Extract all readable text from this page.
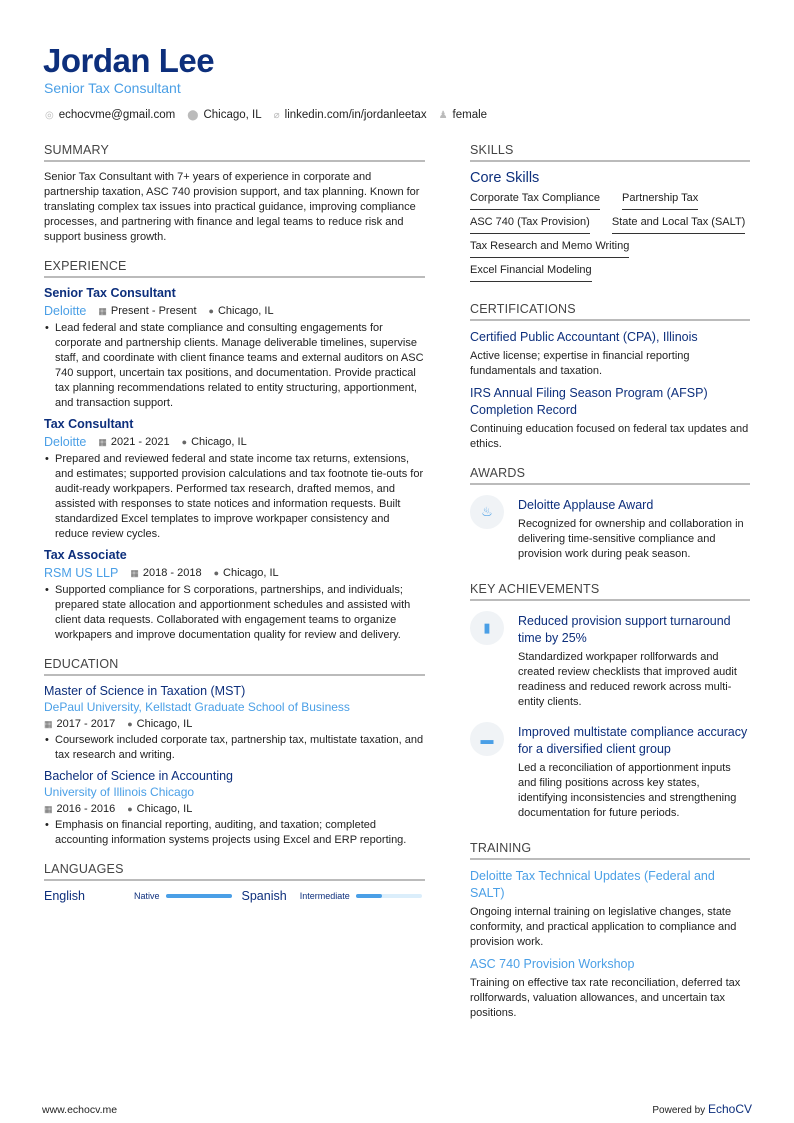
Jordan Lee
Senior Tax Consultant
◎ echocvme@gmail.com ⬤ Chicago, IL ⌀ linkedin.com/in/jordanleetax ♟ female
SUMMARY
Senior Tax Consultant with 7+ years of experience in corporate and partnership taxation, ASC 740 provision support, and tax planning. Known for translating complex tax issues into practical guidance, improving compliance processes, and partnering with finance and legal teams to reduce risk and support business growth.
EXPERIENCE
Senior Tax Consultant
Deloitte ▦ Present - Present ● Chicago, IL
• Lead federal and state compliance and consulting engagements for corporate and partnership clients. Manage deliverable timelines, supervise staff, and coordinate with client finance teams and external auditors on ASC 740 support, uncertain tax positions, and documentation. Provide practical tax planning recommendations related to entity structuring, apportionment, and transaction support.
Tax Consultant
Deloitte ▦ 2021 - 2021 ● Chicago, IL
• Prepared and reviewed federal and state income tax returns, extensions, and estimates; supported provision calculations and tax footnote tie-outs for audit-ready workpapers. Performed tax research, drafted memos, and assisted with responses to state notices and information requests. Built standardized Excel templates to improve workpaper consistency and reduce review cycles.
Tax Associate
RSM US LLP ▦ 2018 - 2018 ● Chicago, IL
• Supported compliance for S corporations, partnerships, and individuals; prepared state allocation and apportionment schedules and assisted with client data requests. Collaborated with engagement teams to organize workpapers and improve documentation quality for review and delivery.
EDUCATION
Master of Science in Taxation (MST)
DePaul University, Kellstadt Graduate School of Business
▦ 2017 - 2017 ● Chicago, IL
• Coursework included corporate tax, partnership tax, multistate taxation, and tax research and writing.
Bachelor of Science in Accounting
University of Illinois Chicago
▦ 2016 - 2016 ● Chicago, IL
• Emphasis on financial reporting, auditing, and taxation; completed accounting information systems projects using Excel and ERP reporting.
LANGUAGES
English	Native	Spanish Intermediate
SKILLS
Core Skills
Corporate Tax Compliance Partnership Tax
ASC 740 (Tax Provision) State and Local Tax (SALT)
Tax Research and Memo Writing
Excel Financial Modeling
CERTIFICATIONS
Certified Public Accountant (CPA), Illinois
Active license; expertise in financial reporting fundamentals and taxation.
IRS Annual Filing Season Program (AFSP) Completion Record
Continuing education focused on federal tax updates and ethics.
AWARDS
♨	Deloitte Applause Award
Recognized for ownership and collaboration in delivering time-sensitive compliance and provision work during peak season.
KEY ACHIEVEMENTS
▮	Reduced provision support turnaround time by 25%
Standardized workpaper rollforwards and created review checklists that improved audit readiness and reduced rework across multi-entity clients.
▬	Improved multistate compliance accuracy for a diversified client group
Led a reconciliation of apportionment inputs and filing positions across key states, identifying inconsistencies and strengthening documentation for future periods.
TRAINING
Deloitte Tax Technical Updates (Federal and SALT)
Ongoing internal training on legislative changes, state conformity, and practical application to compliance and provision work.
ASC 740 Provision Workshop
Training on effective tax rate reconciliation, deferred tax rollforwards, valuation allowances, and uncertain tax positions.
www.echocv.me	Powered by EchoCV
